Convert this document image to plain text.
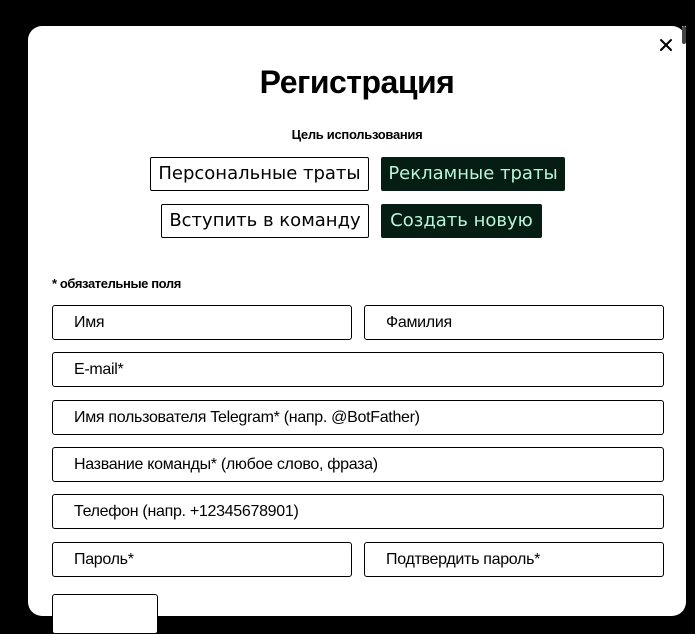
Регистрация
Цель использования
Персональные траты	Рекламные траты
Вступить в команду	Создать новую
* обязательные поля
Имя
Фамилия
E-mail*
Имя пользователя Telegram* (напр. @BotFather)
Название команды* (любое слово, фраза)
Телефон (напр. +12345678901)
